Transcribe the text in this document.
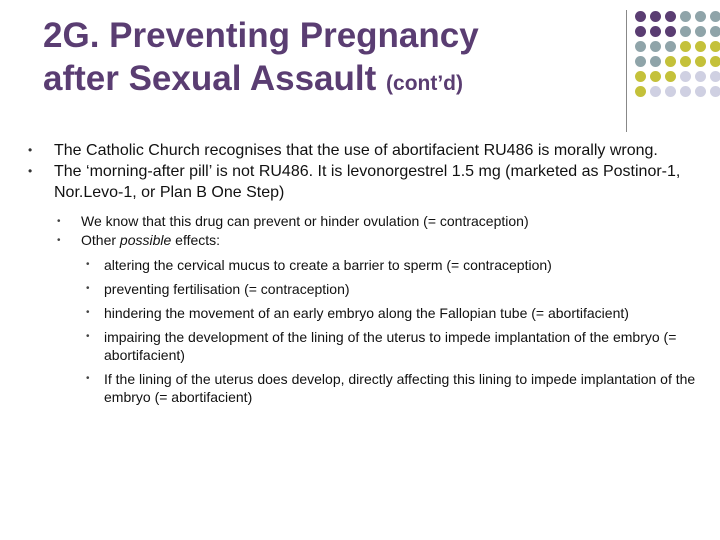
2G. Preventing Pregnancy
after Sexual Assault (cont’d)
• The Catholic Church recognises that the use of abortifacient RU486 is morally wrong.
• The ‘morning-after pill’ is not RU486. It is levonorgestrel 1.5 mg (marketed as Postinor-1, Nor.Levo-1, or Plan B One Step)
• We know that this drug can prevent or hinder ovulation (= contraception)
• Other possible effects:
• altering the cervical mucus to create a barrier to sperm (= contraception)
• preventing fertilisation (= contraception)
• hindering the movement of an early embryo along the Fallopian tube (= abortifacient)
• impairing the development of the lining of the uterus to impede implantation of the embryo (= abortifacient)
• If the lining of the uterus does develop, directly affecting this lining to impede implantation of the embryo (= abortifacient)
